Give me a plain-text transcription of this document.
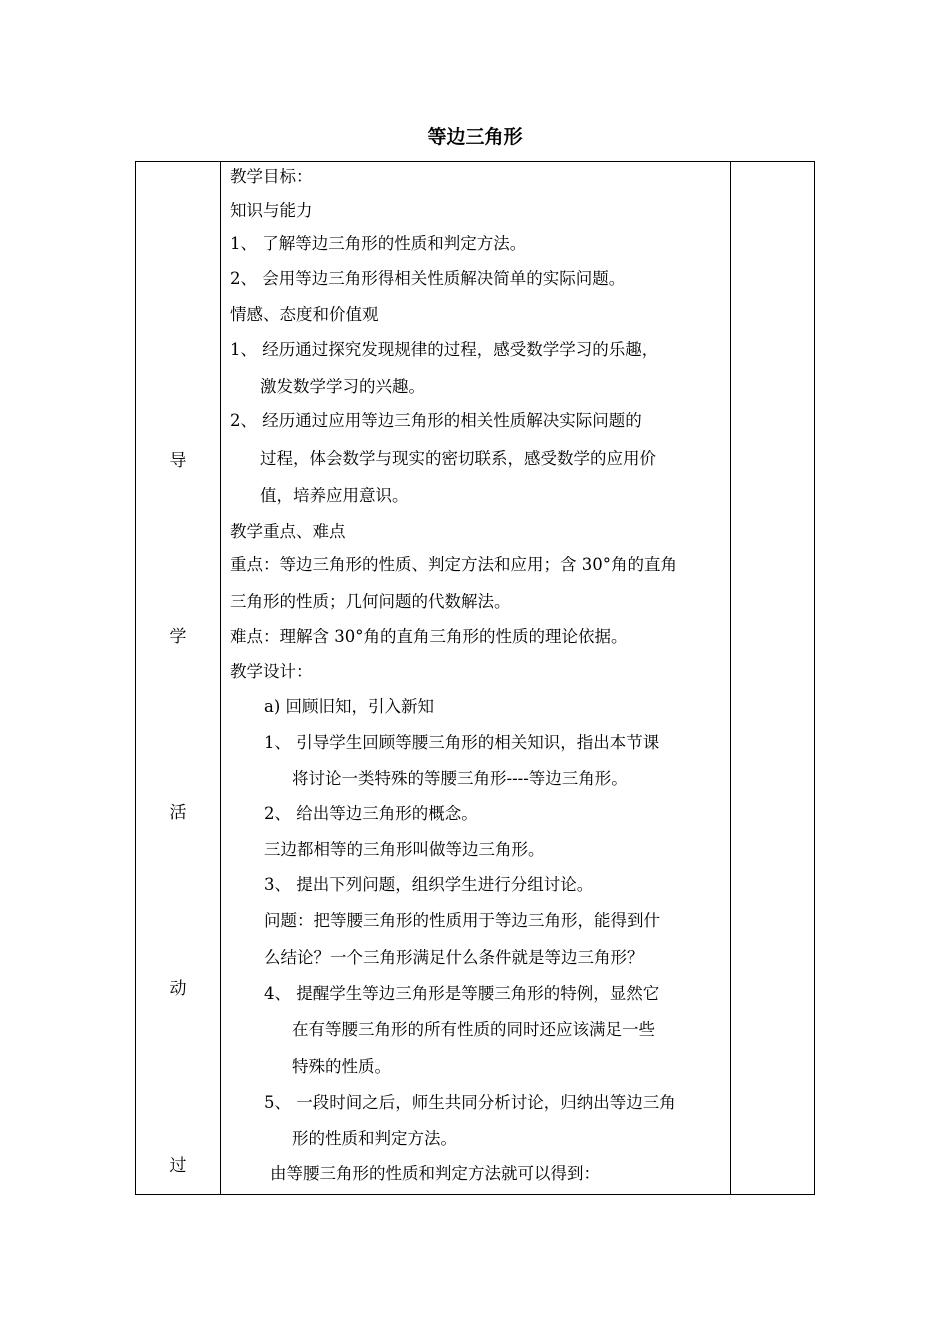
等边三角形
导
学
活
动
过
教学目标：
知识与能力
1、 了解等边三角形的性质和判定方法。
2、 会用等边三角形得相关性质解决简单的实际问题。
情感、态度和价值观
1、 经历通过探究发现规律的过程，感受数学学习的乐趣，
激发数学学习的兴趣。
2、 经历通过应用等边三角形的相关性质解决实际问题的
过程，体会数学与现实的密切联系，感受数学的应用价
值，培养应用意识。
教学重点、难点
重点：等边三角形的性质、判定方法和应用；含 30°角的直角
三角形的性质；几何问题的代数解法。
难点：理解含 30°角的直角三角形的性质的理论依据。
教学设计：
a) 回顾旧知，引入新知
1、 引导学生回顾等腰三角形的相关知识，指出本节课
将讨论一类特殊的等腰三角形----等边三角形。
2、 给出等边三角形的概念。
三边都相等的三角形叫做等边三角形。
3、 提出下列问题，组织学生进行分组讨论。
问题：把等腰三角形的性质用于等边三角形，能得到什
么结论？一个三角形满足什么条件就是等边三角形？
4、 提醒学生等边三角形是等腰三角形的特例，显然它
在有等腰三角形的所有性质的同时还应该满足一些
特殊的性质。
5、 一段时间之后，师生共同分析讨论，归纳出等边三角
形的性质和判定方法。
由等腰三角形的性质和判定方法就可以得到：
